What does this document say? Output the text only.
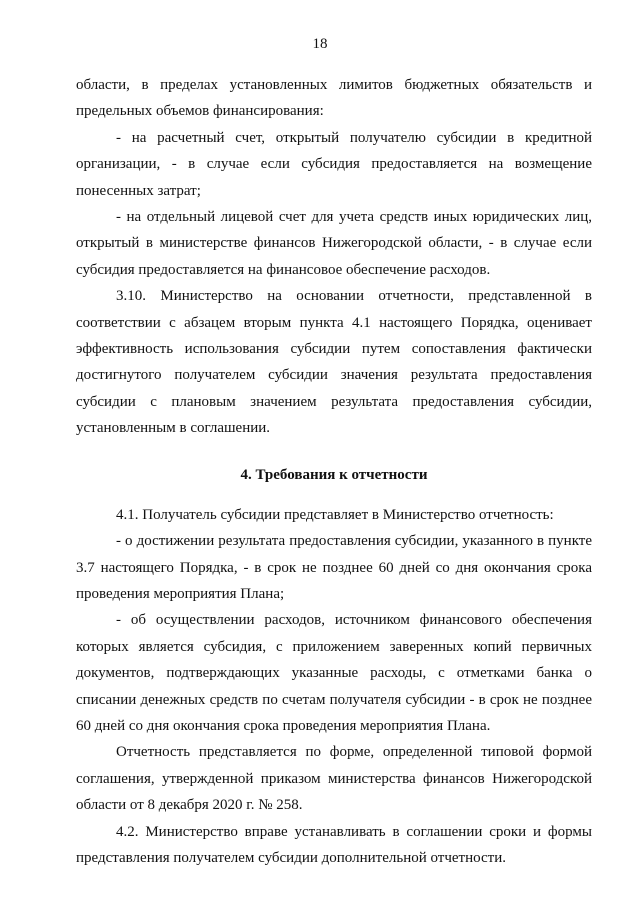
18

области, в пределах установленных лимитов бюджетных обязательств и предельных объемов финансирования:

- на расчетный счет, открытый получателю субсидии в кредитной организации, - в случае если субсидия предоставляется на возмещение понесенных затрат;

- на отдельный лицевой счет для учета средств иных юридических лиц, открытый в министерстве финансов Нижегородской области, - в случае если субсидия предоставляется на финансовое обеспечение расходов.

3.10. Министерство на основании отчетности, представленной в соответствии с абзацем вторым пункта 4.1 настоящего Порядка, оценивает эффективность использования субсидии путем сопоставления фактически достигнутого получателем субсидии значения результата предоставления субсидии с плановым значением результата предоставления субсидии, установленным в соглашении.

4. Требования к отчетности

4.1. Получатель субсидии представляет в Министерство отчетность:

- о достижении результата предоставления субсидии, указанного в пункте 3.7 настоящего Порядка, - в срок не позднее 60 дней со дня окончания срока проведения мероприятия Плана;

- об осуществлении расходов, источником финансового обеспечения которых является субсидия, с приложением заверенных копий первичных документов, подтверждающих указанные расходы, с отметками банка о списании денежных средств по счетам получателя субсидии - в срок не позднее 60 дней со дня окончания срока проведения мероприятия Плана.

Отчетность представляется по форме, определенной типовой формой соглашения, утвержденной приказом министерства финансов Нижегородской области от 8 декабря 2020 г. № 258.

4.2. Министерство вправе устанавливать в соглашении сроки и формы представления получателем субсидии дополнительной отчетности.
